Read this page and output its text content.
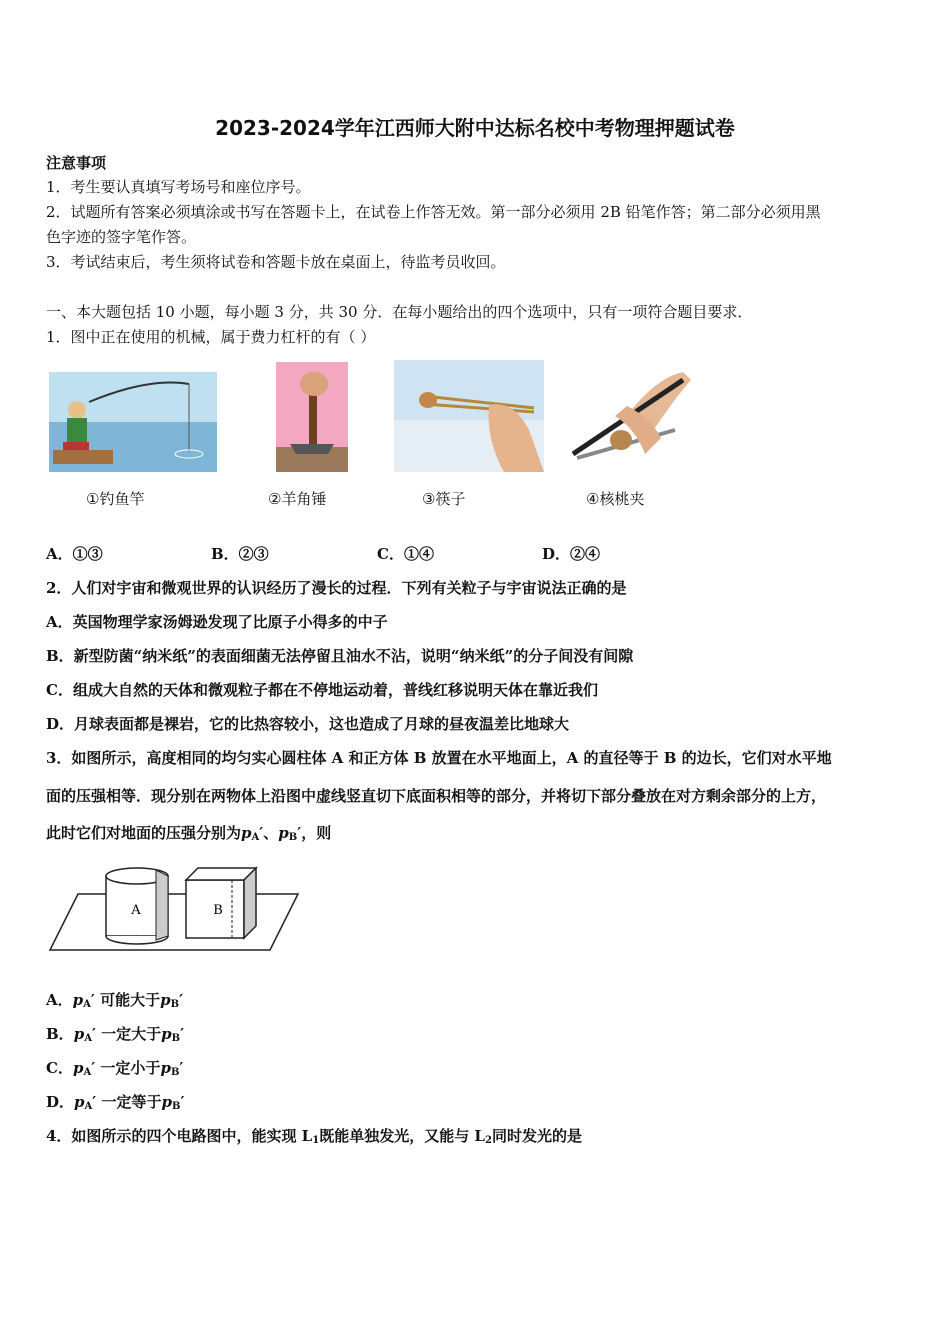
2023-2024学年江西师大附中达标名校中考物理押题试卷
注意事项
1．考生要认真填写考场号和座位序号。
2．试题所有答案必须填涂或书写在答题卡上，在试卷上作答无效。第一部分必须用 2B 铅笔作答；第二部分必须用黑
色字迹的签字笔作答。
3．考试结束后，考生须将试卷和答题卡放在桌面上，待监考员收回。
一、本大题包括 10 小题，每小题 3 分，共 30 分．在每小题给出的四个选项中，只有一项符合题目要求．
1．图中正在使用的机械，属于费力杠杆的有（ ）
①钓鱼竿	②羊角锤	③筷子	④核桃夹
A．①③	B．②③	C．①④	D．②④
2．人们对宇宙和微观世界的认识经历了漫长的过程．下列有关粒子与宇宙说法正确的是
A．英国物理学家汤姆逊发现了比原子小得多的中子
B．新型防菌“纳米纸”的表面细菌无法停留且油水不沾，说明“纳米纸”的分子间没有间隙
C．组成大自然的天体和微观粒子都在不停地运动着，普线红移说明天体在靠近我们
D．月球表面都是裸岩，它的比热容较小，这也造成了月球的昼夜温差比地球大
3．如图所示，高度相同的均匀实心圆柱体 A 和正方体 B 放置在水平地面上，A 的直径等于 B 的边长，它们对水平地
面的压强相等．现分别在两物体上沿图中虚线竖直切下底面积相等的部分，并将切下部分叠放在对方剩余部分的上方，
此时它们对地面的压强分别为$p_A'$、$p_B'$，则
A	B
A．$p_A'$ 可能大于$p_B'$
B．$p_A'$ 一定大于$p_B'$
C．$p_A'$ 一定小于$p_B'$
D．$p_A'$ 一定等于$p_B'$
4．如图所示的四个电路图中，能实现 $L_1$既能单独发光，又能与 $L_2$同时发光的是
